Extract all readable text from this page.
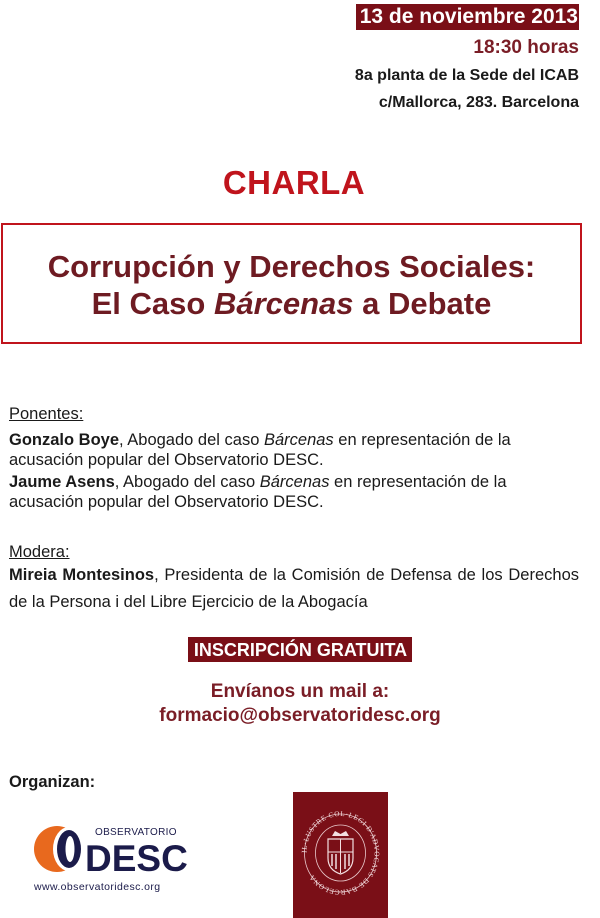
13 de noviembre 2013
18:30 horas
8a planta de la Sede del ICAB
c/Mallorca, 283. Barcelona
CHARLA
Corrupción y Derechos Sociales:
El Caso Bárcenas a Debate
Ponentes:
Gonzalo Boye, Abogado del caso Bárcenas en representación de la acusación popular del Observatorio DESC.
Jaume Asens, Abogado del caso Bárcenas en representación de la acusación popular del Observatorio DESC.
Modera:
Mireia Montesinos, Presidenta de la Comisión de Defensa de los Derechos de la Persona i del Libre Ejercicio de la Abogacía
INSCRIPCIÓN GRATUITA
Envíanos un mail a:
formacio@observatoridesc.org
Organizan:
OBSERVATORIO
DESC
www.observatoridesc.org
IL·LUSTRE COL·LEGI D'ADVOCATS DE BARCELONA
